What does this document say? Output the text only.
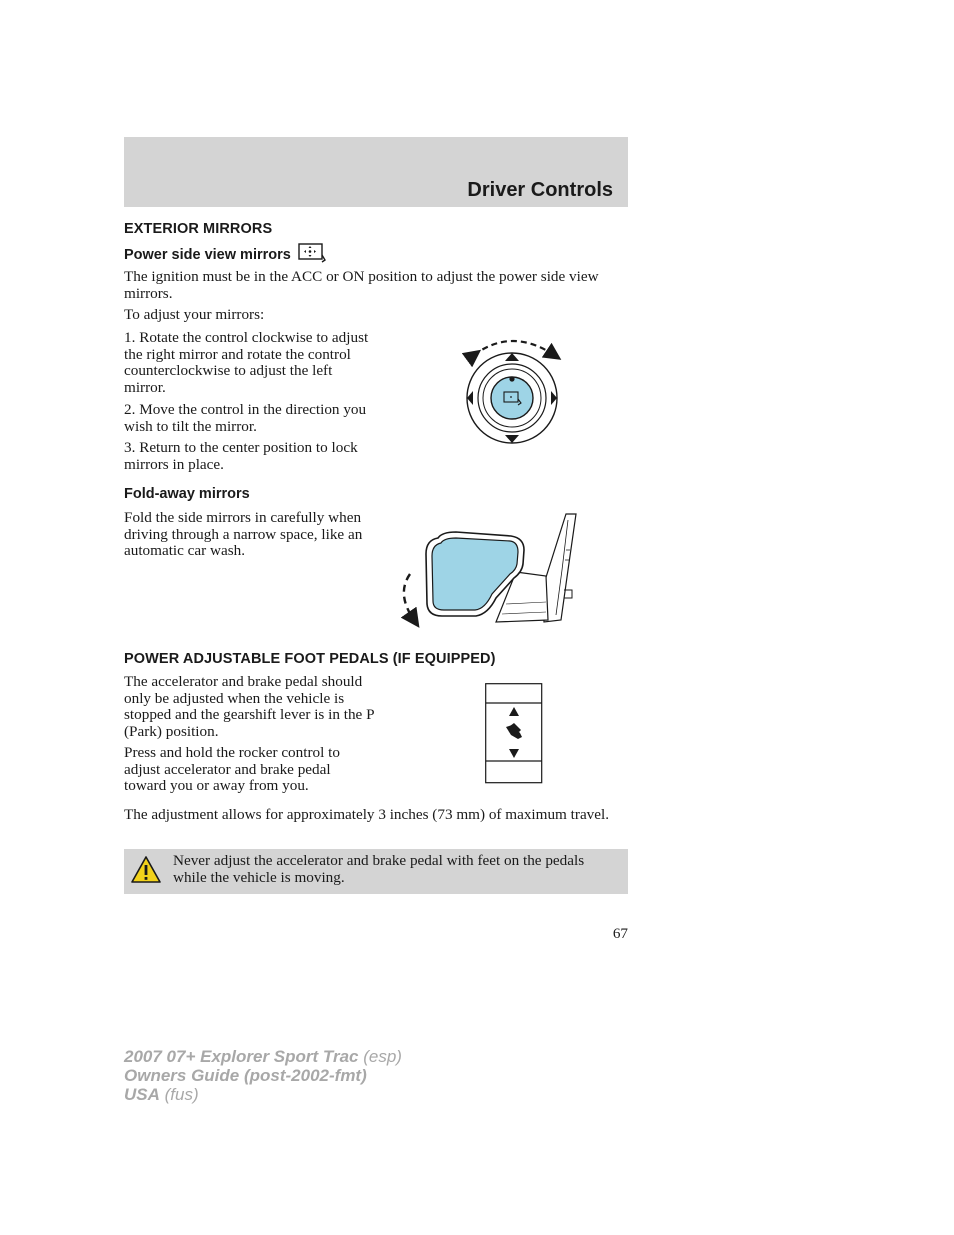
Driver Controls
EXTERIOR MIRRORS
Power side view mirrors

The ignition must be in the ACC or ON position to adjust the power side view mirrors.

To adjust your mirrors:

1. Rotate the control clockwise to adjust the right mirror and rotate the control counterclockwise to adjust the left mirror.

2. Move the control in the direction you wish to tilt the mirror.

3. Return to the center position to lock mirrors in place.

Fold-away mirrors

Fold the side mirrors in carefully when driving through a narrow space, like an automatic car wash.

POWER ADJUSTABLE FOOT PEDALS (IF EQUIPPED)

The accelerator and brake pedal should only be adjusted when the vehicle is stopped and the gearshift lever is in the P (Park) position.

Press and hold the rocker control to adjust accelerator and brake pedal toward you or away from you.

The adjustment allows for approximately 3 inches (73 mm) of maximum travel.

Never adjust the accelerator and brake pedal with feet on the pedals while the vehicle is moving.

67
2007 07+ Explorer Sport Trac (esp)
Owners Guide (post-2002-fmt)
USA (fus)
